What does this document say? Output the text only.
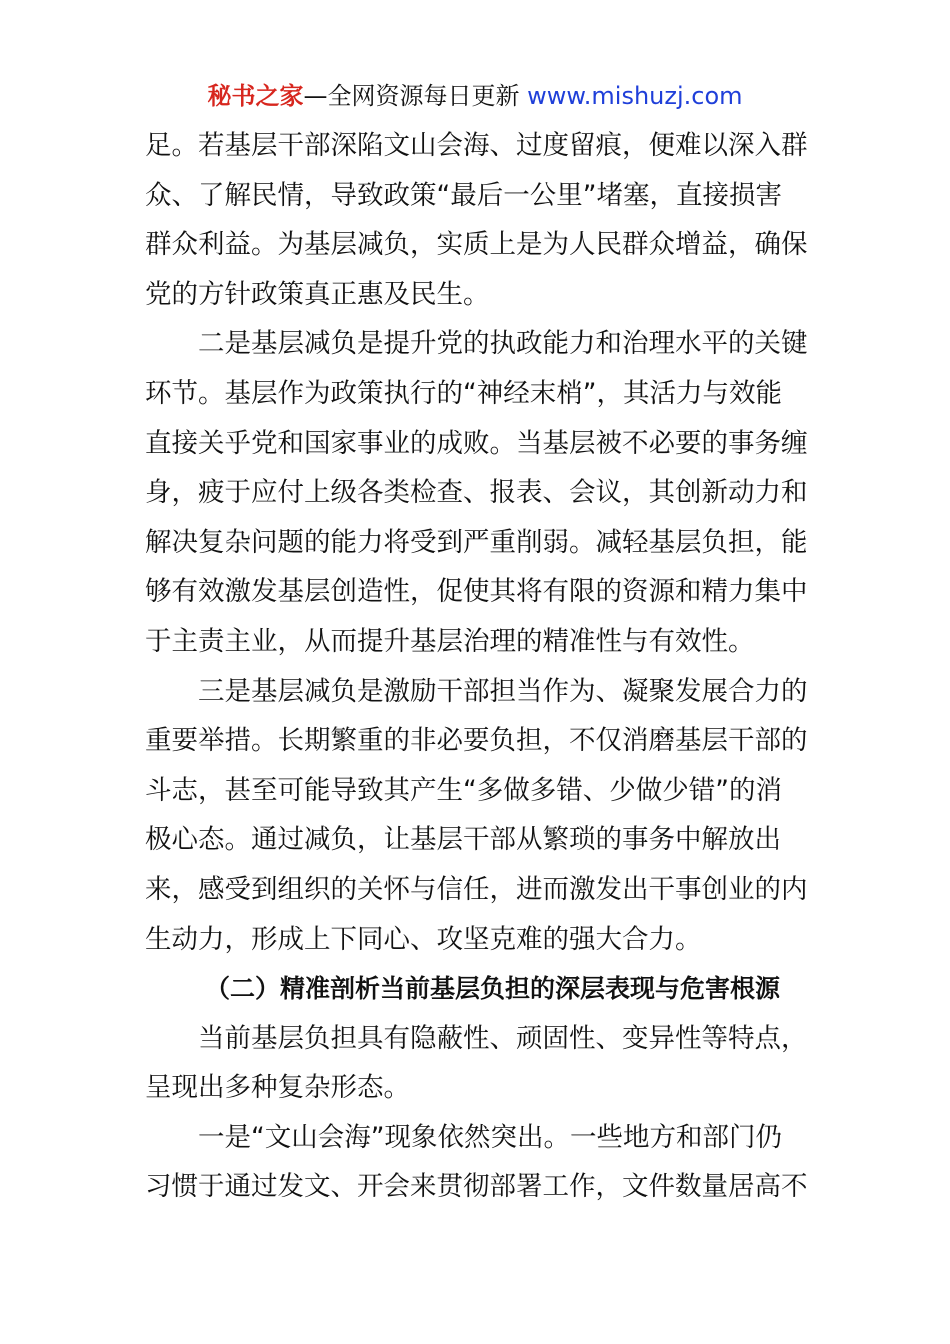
秘书之家—全网资源每日更新 www.mishuzj.com
足。若基层干部深陷文山会海、过度留痕，便难以深入群
众、了解民情，导致政策“最后一公里”堵塞，直接损害
群众利益。为基层减负，实质上是为人民群众增益，确保
党的方针政策真正惠及民生。
二是基层减负是提升党的执政能力和治理水平的关键
环节。基层作为政策执行的“神经末梢”，其活力与效能
直接关乎党和国家事业的成败。当基层被不必要的事务缠
身，疲于应付上级各类检查、报表、会议，其创新动力和
解决复杂问题的能力将受到严重削弱。减轻基层负担，能
够有效激发基层创造性，促使其将有限的资源和精力集中
于主责主业，从而提升基层治理的精准性与有效性。
三是基层减负是激励干部担当作为、凝聚发展合力的
重要举措。长期繁重的非必要负担，不仅消磨基层干部的
斗志，甚至可能导致其产生“多做多错、少做少错”的消
极心态。通过减负，让基层干部从繁琐的事务中解放出
来，感受到组织的关怀与信任，进而激发出干事创业的内
生动力，形成上下同心、攻坚克难的强大合力。
（二）精准剖析当前基层负担的深层表现与危害根源
当前基层负担具有隐蔽性、顽固性、变异性等特点，
呈现出多种复杂形态。
一是“文山会海”现象依然突出。一些地方和部门仍
习惯于通过发文、开会来贯彻部署工作，文件数量居高不
